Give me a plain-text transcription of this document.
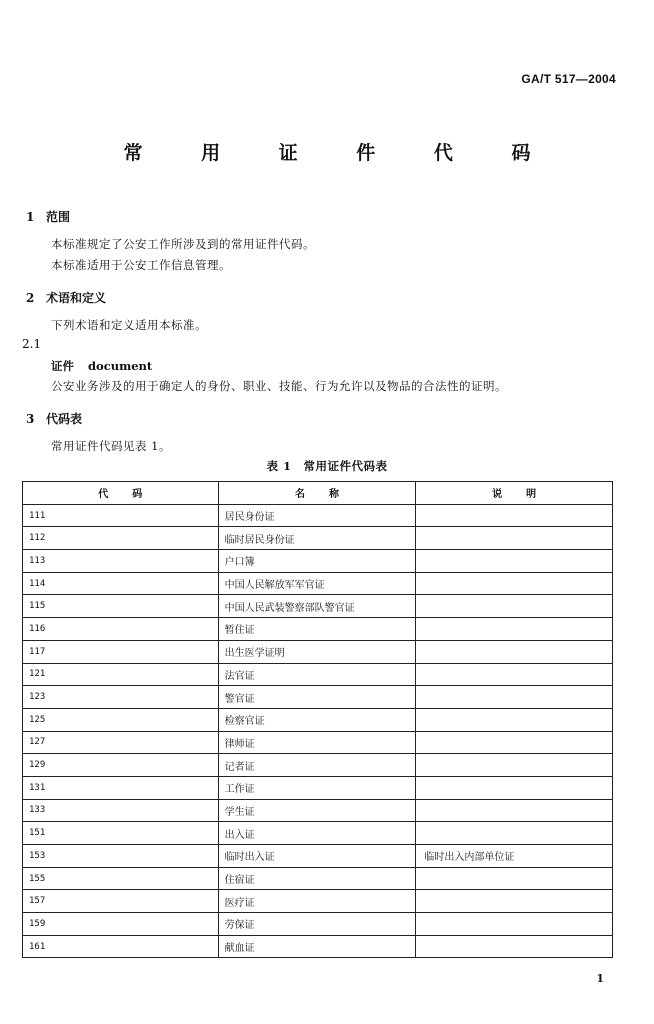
GA/T 517—2004
常 用 证 件 代 码
1 范围
本标准规定了公安工作所涉及到的常用证件代码。
本标准适用于公安工作信息管理。
2 术语和定义
下列术语和定义适用本标准。
2.1
证件 document
公安业务涉及的用于确定人的身份、职业、技能、行为允许以及物品的合法性的证明。
3 代码表
常用证件代码见表 1。
表 1　常用证件代码表
代码	名称	说明
111	居民身份证	
112	临时居民身份证	
113	户口簿	
114	中国人民解放军军官证	
115	中国人民武装警察部队警官证	
116	暂住证	
117	出生医学证明	
121	法官证	
123	警官证	
125	检察官证	
127	律师证	
129	记者证	
131	工作证	
133	学生证	
151	出入证	
153	临时出入证	临时出入内部单位证
155	住宿证	
157	医疗证	
159	劳保证	
161	献血证	
1
